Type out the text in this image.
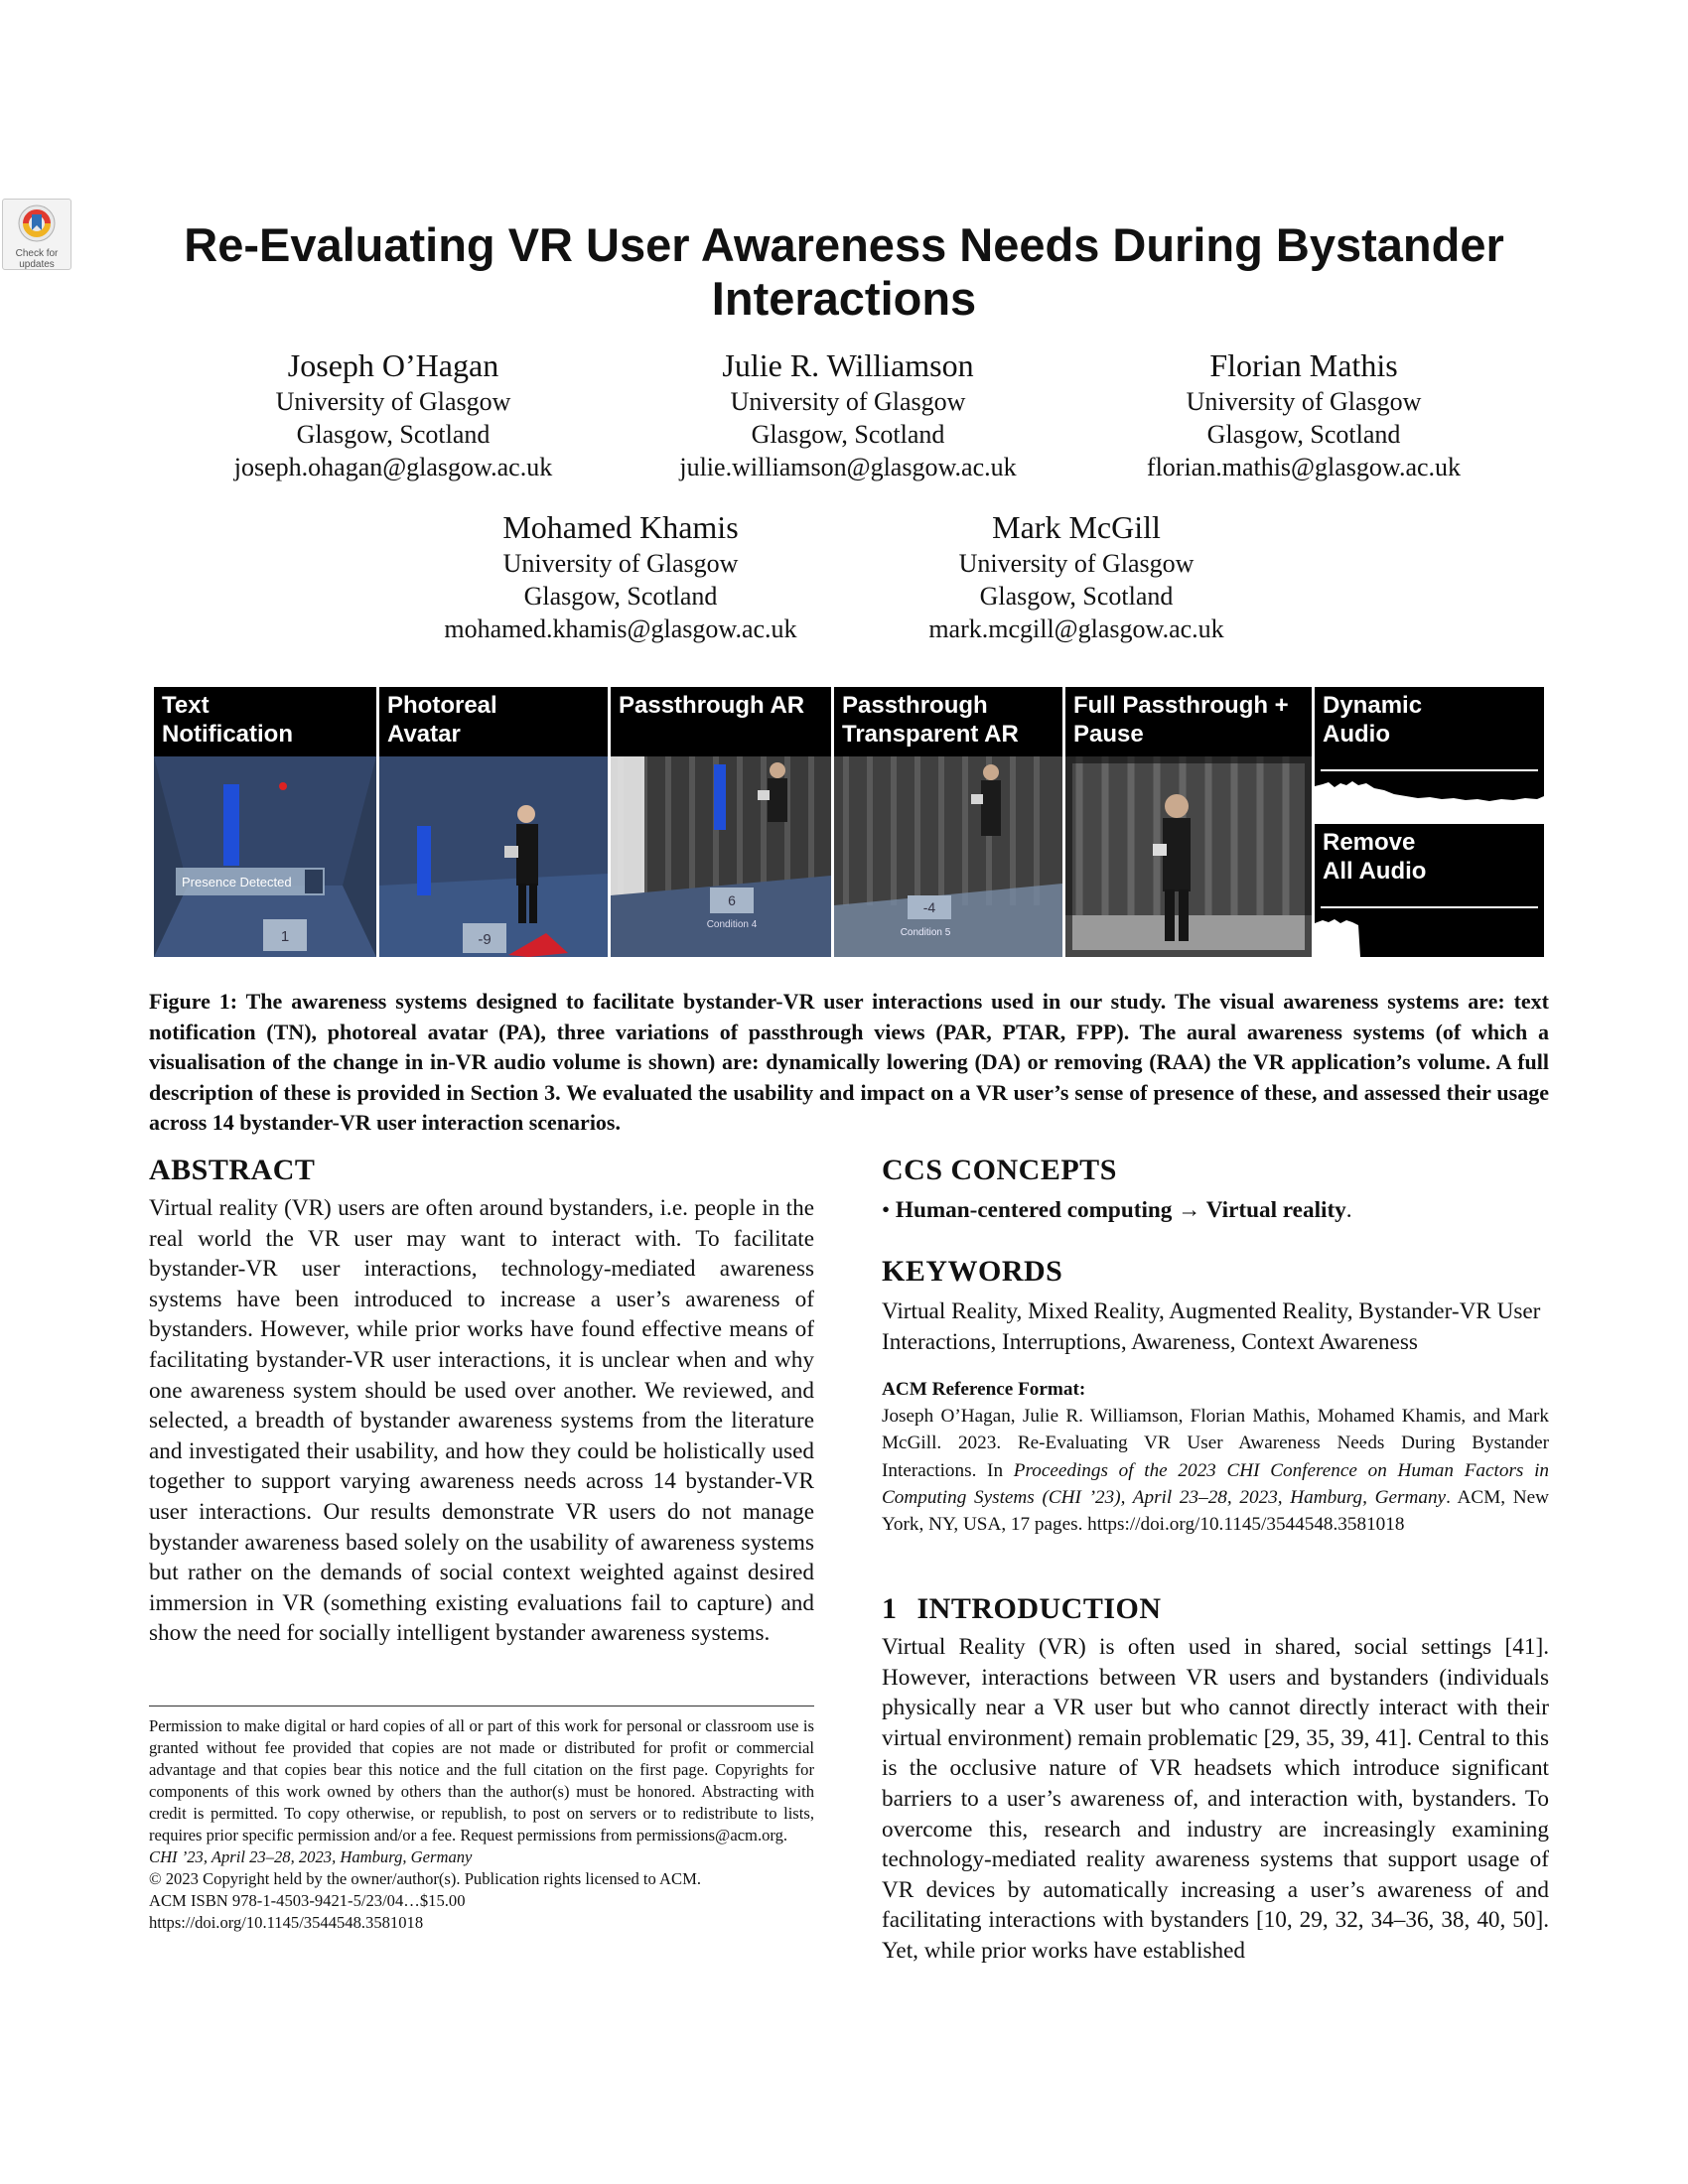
Check for
updates	Re-Evaluating VR User Awareness Needs During Bystander Interactions
Joseph O’Hagan
University of Glasgow
Glasgow, Scotland
joseph.ohagan@glasgow.ac.uk
Julie R. Williamson
University of Glasgow
Glasgow, Scotland
julie.williamson@glasgow.ac.uk
Florian Mathis
University of Glasgow
Glasgow, Scotland
florian.mathis@glasgow.ac.uk
Mohamed Khamis
University of Glasgow
Glasgow, Scotland
mohamed.khamis@glasgow.ac.uk
Mark McGill
University of Glasgow
Glasgow, Scotland
mark.mcgill@glasgow.ac.uk
Text
Notification
Presence Detected
1
Photoreal
Avatar
-9
Passthrough AR
6
Condition 4
Passthrough
Transparent AR
-4
Condition 5
Full Passthrough +
Pause
Dynamic
Audio
Remove
All Audio
Figure 1: The awareness systems designed to facilitate bystander-VR user interactions used in our study. The visual awareness systems are: text notification (TN), photoreal avatar (PA), three variations of passthrough views (PAR, PTAR, FPP). The aural awareness systems (of which a visualisation of the change in in-VR audio volume is shown) are: dynamically lowering (DA) or removing (RAA) the VR application’s volume. A full description of these is provided in Section 3. We evaluated the usability and impact on a VR user’s sense of presence of these, and assessed their usage across 14 bystander-VR user interaction scenarios.
ABSTRACT

Virtual reality (VR) users are often around bystanders, i.e. people in the real world the VR user may want to interact with. To facilitate bystander-VR user interactions, technology-mediated awareness systems have been introduced to increase a user’s awareness of bystanders. However, while prior works have found effective means of facilitating bystander-VR user interactions, it is unclear when and why one awareness system should be used over another. We reviewed, and selected, a breadth of bystander awareness systems from the literature and investigated their usability, and how they could be holistically used together to support varying awareness needs across 14 bystander-VR user interactions. Our results demonstrate VR users do not manage bystander awareness based solely on the usability of awareness systems but rather on the demands of social context weighted against desired immersion in VR (something existing evaluations fail to capture) and show the need for socially intelligent bystander awareness systems.

Permission to make digital or hard copies of all or part of this work for personal or classroom use is granted without fee provided that copies are not made or distributed for profit or commercial advantage and that copies bear this notice and the full citation on the first page. Copyrights for components of this work owned by others than the author(s) must be honored. Abstracting with credit is permitted. To copy otherwise, or republish, to post on servers or to redistribute to lists, requires prior specific permission and/or a fee. Request permissions from permissions@acm.org.

CHI ’23, April 23–28, 2023, Hamburg, Germany

© 2023 Copyright held by the owner/author(s). Publication rights licensed to ACM.

ACM ISBN 978-1-4503-9421-5/23/04…$15.00

https://doi.org/10.1145/3544548.3581018

CCS CONCEPTS

• Human-centered computing → Virtual reality.

KEYWORDS

Virtual Reality, Mixed Reality, Augmented Reality, Bystander-VR User Interactions, Interruptions, Awareness, Context Awareness

ACM Reference Format:
Joseph O’Hagan, Julie R. Williamson, Florian Mathis, Mohamed Khamis, and Mark McGill. 2023. Re-Evaluating VR User Awareness Needs During Bystander Interactions. In Proceedings of the 2023 CHI Conference on Human Factors in Computing Systems (CHI ’23), April 23–28, 2023, Hamburg, Germany. ACM, New York, NY, USA, 17 pages. https://doi.org/10.1145/3544548.3581018
1 INTRODUCTION

Virtual Reality (VR) is often used in shared, social settings [41]. However, interactions between VR users and bystanders (individuals physically near a VR user but who cannot directly interact with their virtual environment) remain problematic [29, 35, 39, 41]. Central to this is the occlusive nature of VR headsets which introduce significant barriers to a user’s awareness of, and interaction with, bystanders. To overcome this, research and industry are increasingly examining technology-mediated reality awareness systems that support usage of VR devices by automatically increasing a user’s awareness of and facilitating interactions with bystanders [10, 29, 32, 34–36, 38, 40, 50]. Yet, while prior works have established
